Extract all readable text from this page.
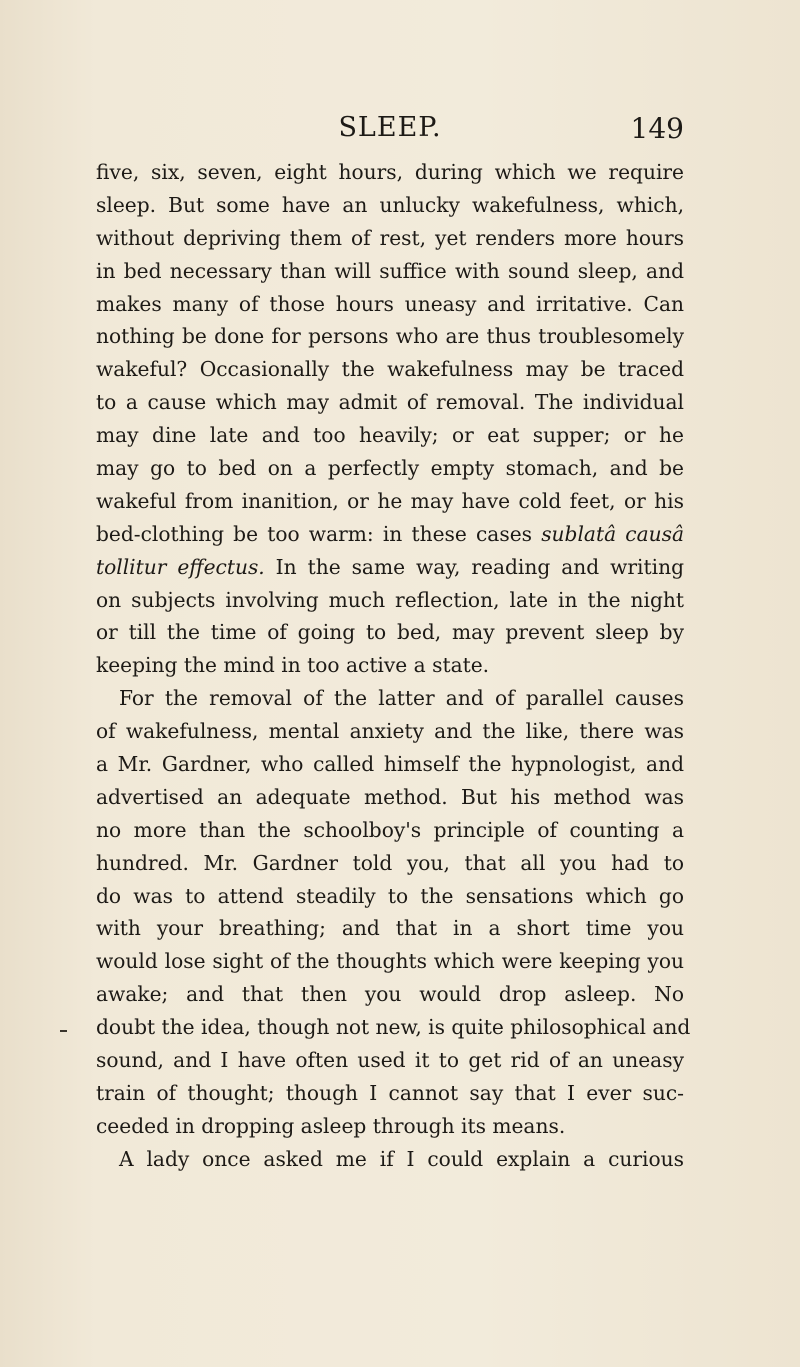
SLEEP.	149
five, six, seven, eight hours, during which we require
sleep. But some have an unlucky wakefulness, which,
without depriving them of rest, yet renders more hours
in bed necessary than will suffice with sound sleep, and
makes many of those hours uneasy and irritative. Can
nothing be done for persons who are thus troublesomely
wakeful? Occasionally the wakefulness may be traced
to a cause which may admit of removal. The individual
may dine late and too heavily; or eat supper; or he
may go to bed on a perfectly empty stomach, and be
wakeful from inanition, or he may have cold feet, or his
bed-clothing be too warm: in these cases sublatâ causâ
tollitur effectus. In the same way, reading and writing
on subjects involving much reflection, late in the night
or till the time of going to bed, may prevent sleep by
keeping the mind in too active a state.
For the removal of the latter and of parallel causes
of wakefulness, mental anxiety and the like, there was
a Mr. Gardner, who called himself the hypnologist, and
advertised an adequate method. But his method was
no more than the schoolboy's principle of counting a
hundred. Mr. Gardner told you, that all you had to
do was to attend steadily to the sensations which go
with your breathing; and that in a short time you
would lose sight of the thoughts which were keeping you
awake; and that then you would drop asleep. No
doubt the idea, though not new, is quite philosophical and
sound, and I have often used it to get rid of an uneasy
train of thought; though I cannot say that I ever suc-
ceeded in dropping asleep through its means.
A lady once asked me if I could explain a curious
